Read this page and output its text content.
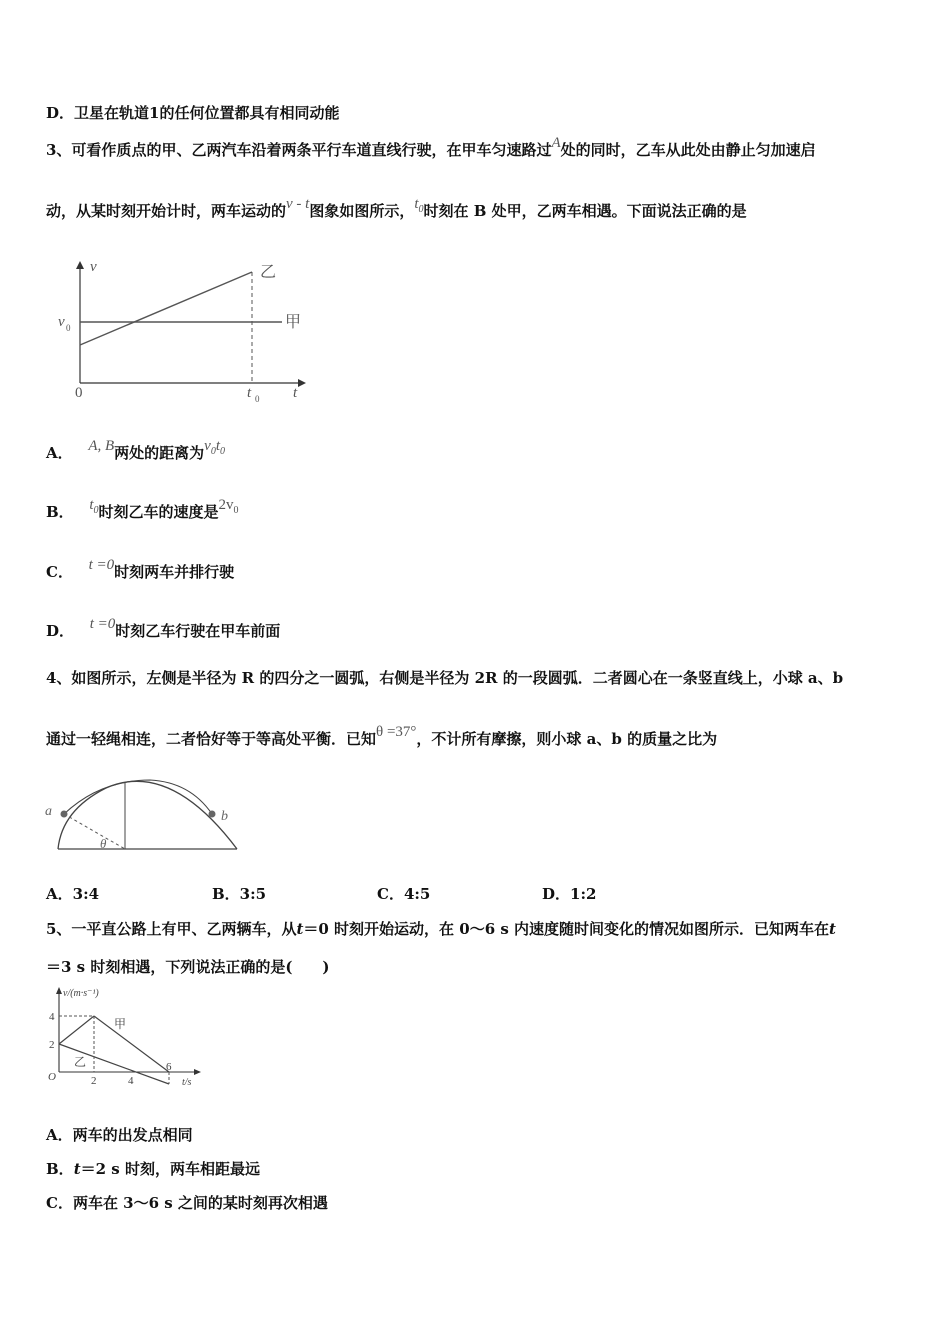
D．卫星在轨道1的任何位置都具有相同动能
3、可看作质点的甲、乙两汽车沿着两条平行车道直线行驶，在甲车匀速路过A处的同时，乙车从此处由静止匀加速启
动，从某时刻开始计时，两车运动的v - t图象如图所示，$t_0$时刻在 B 处甲，乙两车相遇。下面说法正确的是
v
t
0
v 0
t 0
甲
乙
A． A, B两处的距离为$v_0t_0$
B． $t_0$时刻乙车的速度是$2v_0$
C． t =0时刻两车并排行驶
D． t =0时刻乙车行驶在甲车前面
4、如图所示，左侧是半径为 R 的四分之一圆弧，右侧是半径为 2R 的一段圆弧．二者圆心在一条竖直线上，小球 a、b
通过一轻绳相连，二者恰好等于等高处平衡．已知θ =37°，不计所有摩擦，则小球 a、b 的质量之比为
a	b
θ
A．3:4	B．3:5	C．4:5	D．1:2
5、一平直公路上有甲、乙两辆车，从t＝0 时刻开始运动，在 0～6 s 内速度随时间变化的情况如图所示．已知两车在t
＝3 s 时刻相遇，下列说法正确的是(　　)
v/(m·s⁻¹)
t/s
O
4
2
2	4
6
甲
乙
A．两车的出发点相同
B．t＝2 s 时刻，两车相距最远
C．两车在 3～6 s 之间的某时刻再次相遇
